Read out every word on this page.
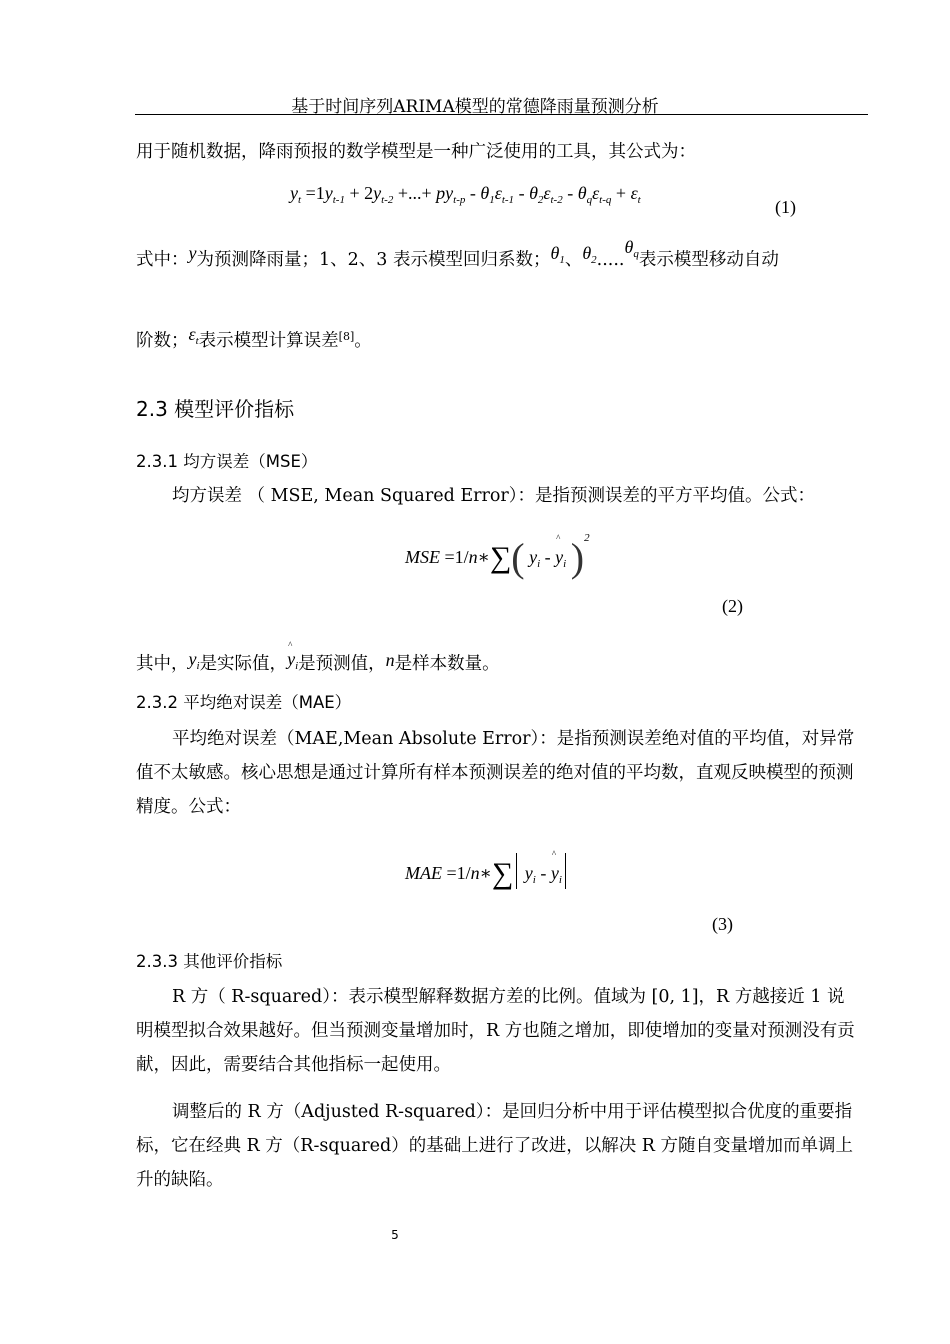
基于时间序列ARIMA模型的常德降雨量预测分析
用于随机数据，降雨预报的数学模型是一种广泛使用的工具，其公式为：
$y_t =1y_{t-1} + 2y_{t-2}$ +...+ $py_{t-p} - \theta_1\varepsilon_{t-1} - \theta_2\varepsilon_{t-2} - \theta_q\varepsilon_{t-q} + \varepsilon_t$	(1)
式中：y为预测降雨量；1、2、3 表示模型回归系数；$\theta_1$、$\theta_2.....\theta_q$表示模型移动自动
阶数；$\varepsilon_t$表示模型计算误差[8]。
2.3 模型评价指标
2.3.1 均方误差（MSE）
均方误差 （ MSE, Mean Squared Error）：是指预测误差的平方平均值。公式：
MSE =1/n∗∑( $y_i$ - ^ $y_i$ )$^2$
(2)
其中，$y_i$是实际值，^ $y_i$是预测值，n是样本数量。
2.3.2 平均绝对误差（MAE）
平均绝对误差（MAE,Mean Absolute Error）：是指预测误差绝对值的平均值，对异常值不太敏感。核心思想是通过计算所有样本预测误差的绝对值的平均数，直观反映模型的预测精度。公式：
MAE =1/n∗∑ $y_i$ - ^ $y_i$
(3)
2.3.3 其他评价指标
R 方（ R-squared）：表示模型解释数据方差的比例。值域为 [0, 1]，R 方越接近 1 说明模型拟合效果越好。但当预测变量增加时，R 方也随之增加，即使增加的变量对预测没有贡献，因此，需要结合其他指标一起使用。
调整后的 R 方（Adjusted R-squared）：是回归分析中用于评估模型拟合优度的重要指标，它在经典 R 方（R-squared）的基础上进行了改进，以解决 R 方随自变量增加而单调上升的缺陷。
5
